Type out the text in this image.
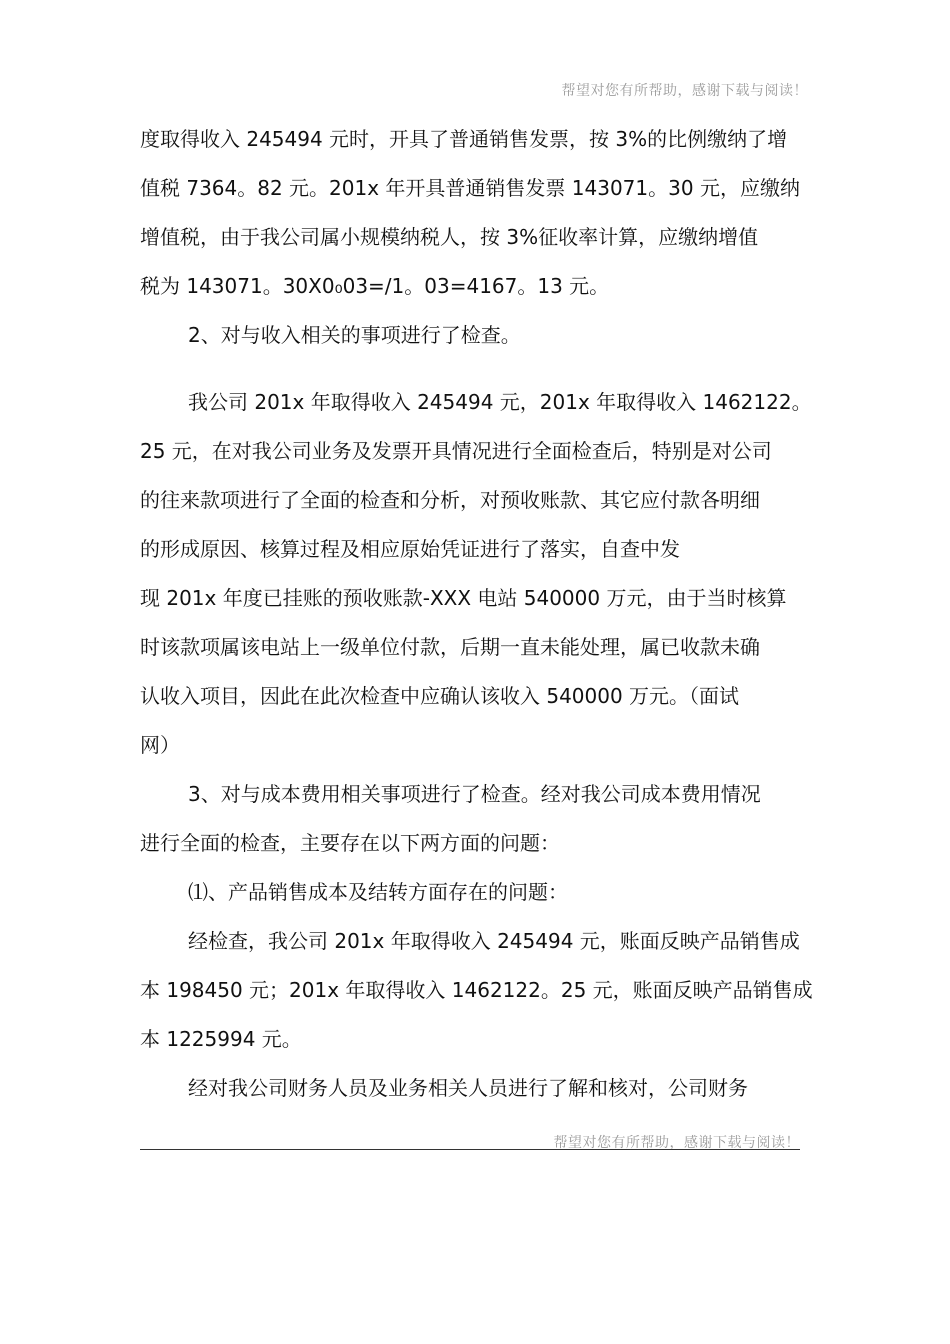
帮望对您有所帮助，感谢下载与阅读！
度取得收入 245494 元时，开具了普通销售发票，按 3%的比例缴纳了增
值税 7364。82 元。201x 年开具普通销售发票 143071。30 元，应缴纳
增值税，由于我公司属小规模纳税人，按 3%征收率计算，应缴纳增值
税为 143071。30X0₀03=/1。03=4167。13 元。
2、对与收入相关的事项进行了检查。
我公司 201x 年取得收入 245494 元，201x 年取得收入 1462122。
25 元，在对我公司业务及发票开具情况进行全面检查后，特别是对公司
的往来款项进行了全面的检查和分析，对预收账款、其它应付款各明细
的形成原因、核算过程及相应原始凭证进行了落实，自查中发
现 201x 年度已挂账的预收账款-XXX 电站 540000 万元，由于当时核算
时该款项属该电站上一级单位付款，后期一直未能处理，属已收款未确
认收入项目，因此在此次检查中应确认该收入 540000 万元。（面试
网）
3、对与成本费用相关事项进行了检查。经对我公司成本费用情况
进行全面的检查，主要存在以下两方面的问题：
⑴、产品销售成本及结转方面存在的问题：
经检查，我公司 201x 年取得收入 245494 元，账面反映产品销售成
本 198450 元；201x 年取得收入 1462122。25 元，账面反映产品销售成
本 1225994 元。
经对我公司财务人员及业务相关人员进行了解和核对，公司财务
帮望对您有所帮助，感谢下载与阅读！
